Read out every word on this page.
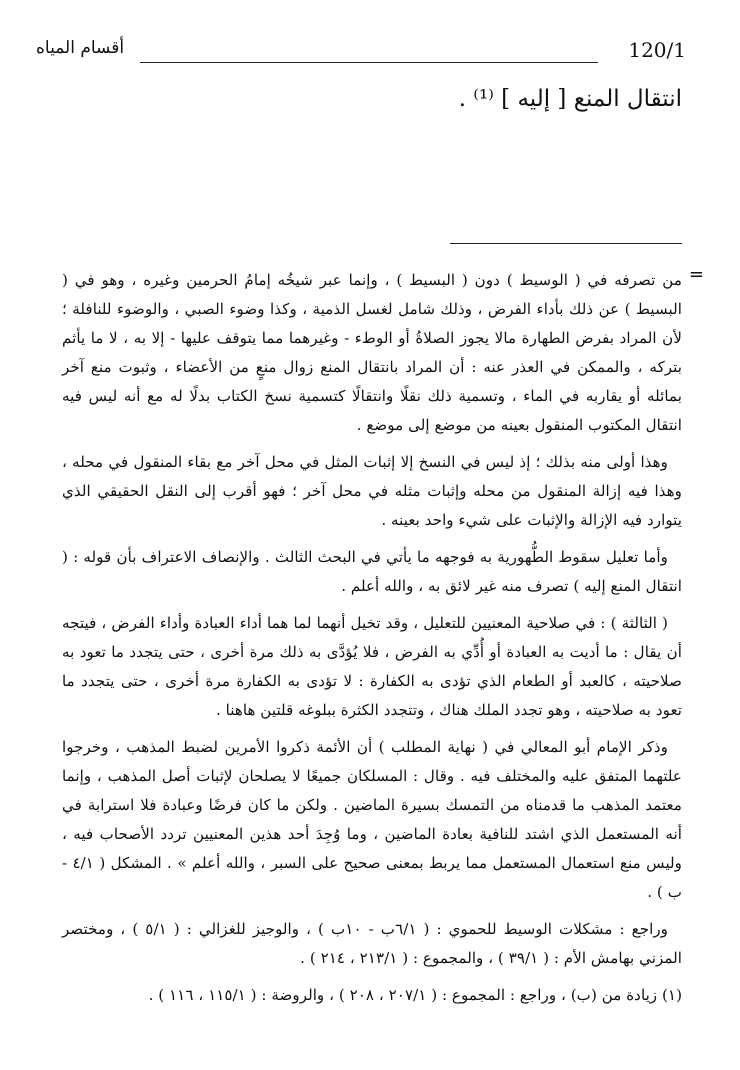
120/1
أقسام المياه
انتقال المنع [ إليه ] ⁽¹⁾ .
=

من تصرفه في ( الوسيط ) دون ( البسيط ) ، وإنما عبر شيخُه إمامُ الحرمين وغيره ، وهو في ( البسيط ) عن ذلك بأداء الفرض ، وذلك شامل لغسل الذمية ، وكذا وضوء الصبي ، والوضوء للنافلة ؛ لأن المراد بفرض الطهارة مالا يجوز الصلاةُ أو الوطء - وغيرهما مما يتوقف عليها - إلا به ، لا ما يأثم بتركه ، والممكن في العذر عنه : أن المراد بانتقال المنع زوال منعٍ من الأعضاء ، وثبوت منع آخر بمائله أو يقاربه في الماء ، وتسمية ذلك نقلًا وانتقالًا كتسمية نسخ الكتاب بدلًا له مع أنه ليس فيه انتقال المكتوب المنقول بعينه من موضع إلى موضع .

وهذا أولى منه بذلك ؛ إذ ليس في النسخ إلا إثبات المثل في محل آخر مع بقاء المنقول في محله ، وهذا فيه إزالة المنقول من محله وإثبات مثله في محل آخر ؛ فهو أقرب إلى النقل الحقيقي الذي يتوارد فيه الإزالة والإثبات على شيء واحد بعينه .

وأما تعليل سقوط الطُّهورية به فوجهه ما يأتي في البحث الثالث . والإنصاف الاعتراف بأن قوله : ( انتقال المنع إليه ) تصرف منه غير لائق به ، والله أعلم .

( الثالثة ) : في صلاحية المعنيين للتعليل ، وقد تخيل أنهما لما هما أداء العبادة وأداء الفرض ، فيتجه أن يقال : ما أديت به العبادة أو أُدِّي به الفرض ، فلا يُؤدَّى به ذلك مرة أخرى ، حتى يتجدد ما تعود به صلاحيته ، كالعبد أو الطعام الذي تؤدى به الكفارة : لا تؤدى به الكفارة مرة أخرى ، حتى يتجدد ما تعود به صلاحيته ، وهو تجدد الملك هناك ، وتتجدد الكثرة ببلوغه قلتين هاهنا .

وذكر الإمام أبو المعالي في ( نهاية المطلب ) أن الأئمة ذكروا الأمرين لضبط المذهب ، وخرجوا علتهما المتفق عليه والمختلف فيه . وقال : المسلكان جميعًا لا يصلحان لإثبات أصل المذهب ، وإنما معتمد المذهب ما قدمناه من التمسك بسيرة الماضين . ولكن ما كان فرضًا وعبادة فلا استرابة في أنه المستعمل الذي اشتد للنافية بعادة الماضين ، وما وُجِدَ أحد هذين المعنيين تردد الأصحاب فيه ، وليس منع استعمال المستعمل مما يربط بمعنى صحيح على السبر ، والله أعلم » . المشكل ( ٤/١ - ب ) .

وراجع : مشكلات الوسيط للحموي : ( ٦/١ب - ١٠ب ) ، والوجيز للغزالي : ( ٥/١ ) ، ومختصر المزني بهامش الأم : ( ٣٩/١ ) ، والمجموع : ( ٢١٣/١ ، ٢١٤ ) .

(١) زيادة من (ب) ، وراجع : المجموع : ( ٢٠٧/١ ، ٢٠٨ ) ، والروضة : ( ١١٥/١ ، ١١٦ ) .
